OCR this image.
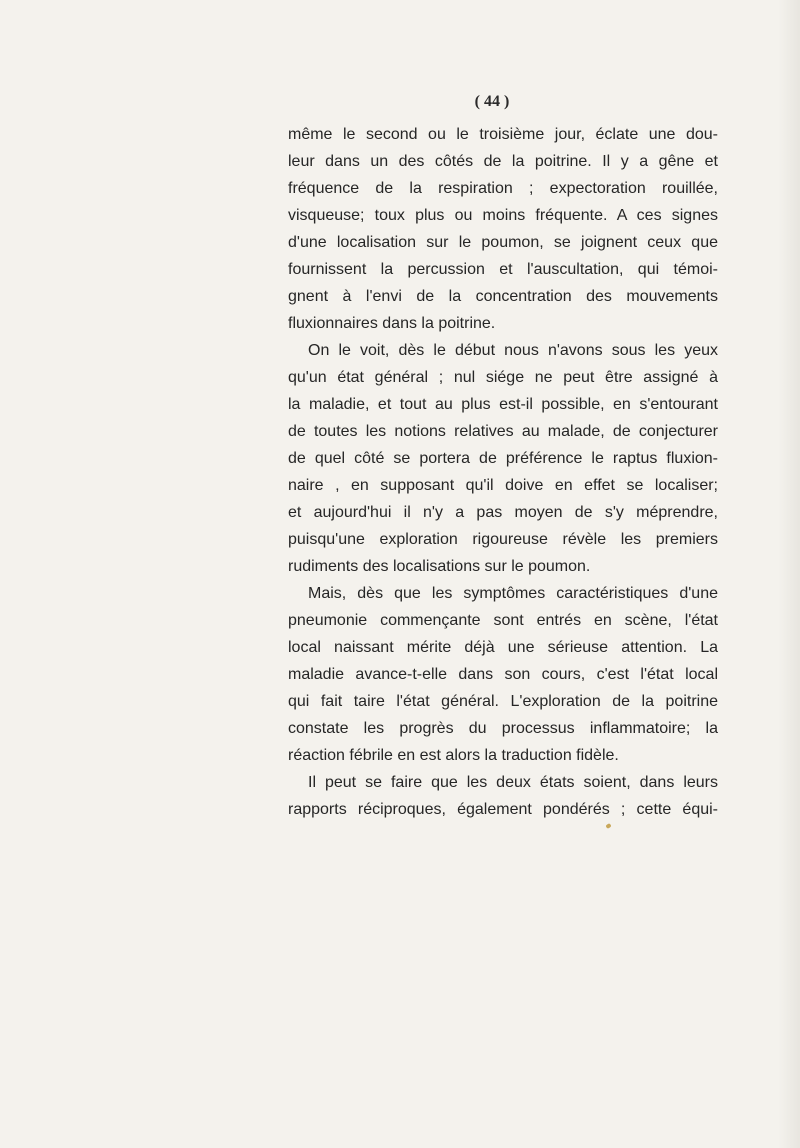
( 44 )
même le second ou le troisième jour, éclate une dou-
leur dans un des côtés de la poitrine. Il y a gêne et
fréquence de la respiration ; expectoration rouillée,
visqueuse; toux plus ou moins fréquente. A ces signes
d'une localisation sur le poumon, se joignent ceux que
fournissent la percussion et l'auscultation, qui témoi-
gnent à l'envi de la concentration des mouvements
fluxionnaires dans la poitrine.
On le voit, dès le début nous n'avons sous les yeux
qu'un état général ; nul siége ne peut être assigné à
la maladie, et tout au plus est-il possible, en s'entourant
de toutes les notions relatives au malade, de conjecturer
de quel côté se portera de préférence le raptus fluxion-
naire , en supposant qu'il doive en effet se localiser;
et aujourd'hui il n'y a pas moyen de s'y méprendre,
puisqu'une exploration rigoureuse révèle les premiers
rudiments des localisations sur le poumon.
Mais, dès que les symptômes caractéristiques d'une
pneumonie commençante sont entrés en scène, l'état
local naissant mérite déjà une sérieuse attention. La
maladie avance-t-elle dans son cours, c'est l'état local
qui fait taire l'état général. L'exploration de la poitrine
constate les progrès du processus inflammatoire; la
réaction fébrile en est alors la traduction fidèle.
Il peut se faire que les deux états soient, dans leurs
rapports réciproques, également pondérés ; cette équi-
